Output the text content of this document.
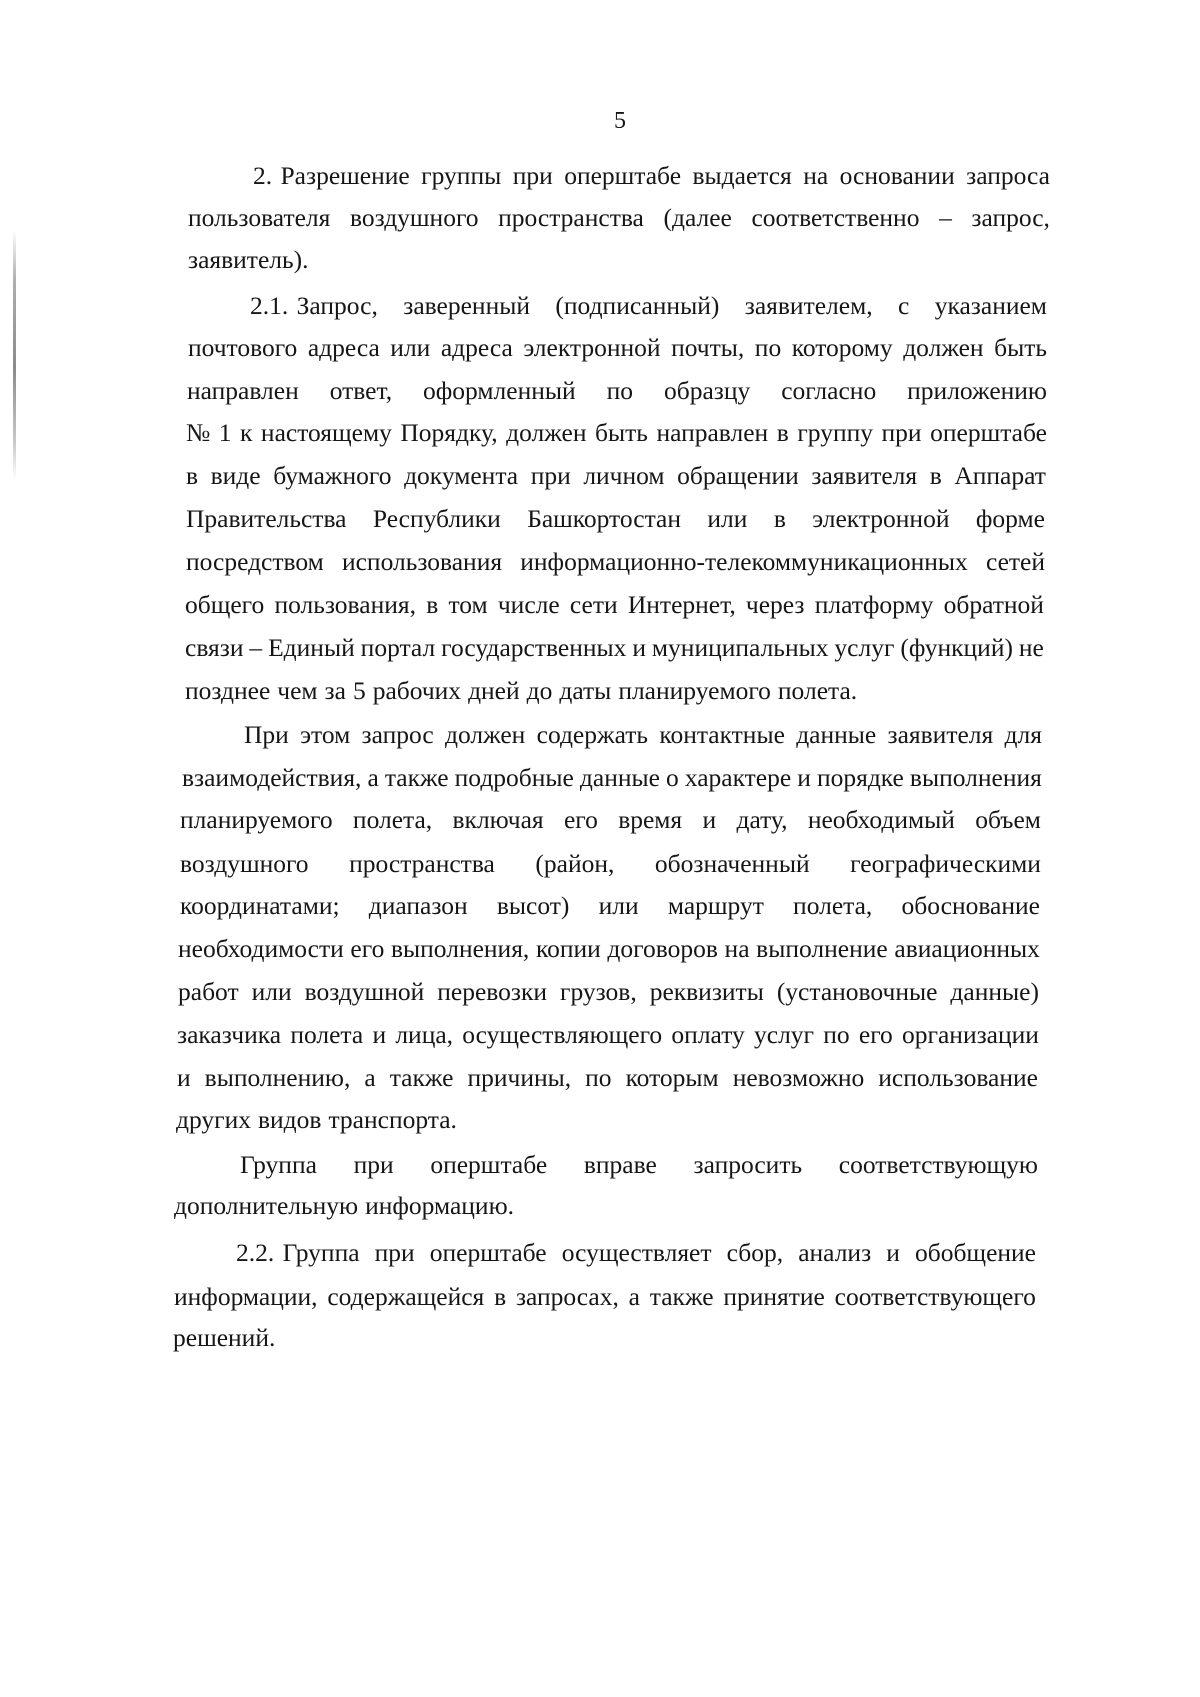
5
2. Разрешение группы при оперштабе выдается на основании запроса
пользователя воздушного пространства (далее соответственно – запрос,
заявитель).
2.1. Запрос, заверенный (подписанный) заявителем, с указанием
почтового адреса или адреса электронной почты, по которому должен быть
направлен ответ, оформленный по образцу согласно приложению
№ 1 к настоящему Порядку, должен быть направлен в группу при оперштабе
в виде бумажного документа при личном обращении заявителя в Аппарат
Правительства Республики Башкортостан или в электронной форме
посредством использования информационно-телекоммуникационных сетей
общего пользования, в том числе сети Интернет, через платформу обратной
связи – Единый портал государственных и муниципальных услуг (функций) не
позднее чем за 5 рабочих дней до даты планируемого полета.
При этом запрос должен содержать контактные данные заявителя для
взаимодействия, а также подробные данные о характере и порядке выполнения
планируемого полета, включая его время и дату, необходимый объем
воздушного пространства (район, обозначенный географическими
координатами; диапазон высот) или маршрут полета, обоснование
необходимости его выполнения, копии договоров на выполнение авиационных
работ или воздушной перевозки грузов, реквизиты (установочные данные)
заказчика полета и лица, осуществляющего оплату услуг по его организации
и выполнению, а также причины, по которым невозможно использование
других видов транспорта.
Группа при оперштабе вправе запросить соответствующую
дополнительную информацию.
2.2. Группа при оперштабе осуществляет сбор, анализ и обобщение
информации, содержащейся в запросах, а также принятие соответствующего
решений.
